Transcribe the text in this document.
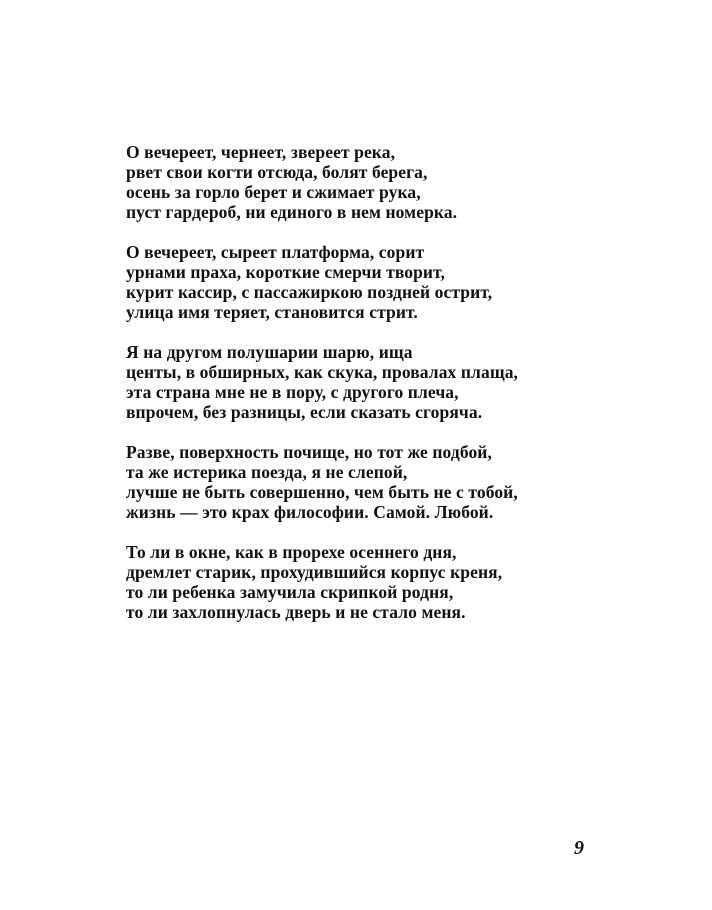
О вечереет, чернеет, звереет река,
рвет свои когти отсюда, болят берега,
осень за горло берет и сжимает рука,
пуст гардероб, ни единого в нем номерка.
О вечереет, сыреет платформа, сорит
урнами праха, короткие смерчи творит,
курит кассир, с пассажиркою поздней острит,
улица имя теряет, становится стрит.
Я на другом полушарии шарю, ища
центы, в обширных, как скука, провалах плаща,
эта страна мне не в пору, с другого плеча,
впрочем, без разницы, если сказать сгоряча.
Разве, поверхность почище, но тот же подбой,
та же истерика поезда, я не слепой,
лучше не быть совершенно, чем быть не с тобой,
жизнь — это крах философии. Самой. Любой.
То ли в окне, как в прорехе осеннего дня,
дремлет старик, прохудившийся корпус креня,
то ли ребенка замучила скрипкой родня,
то ли захлопнулась дверь и не стало меня.
9
